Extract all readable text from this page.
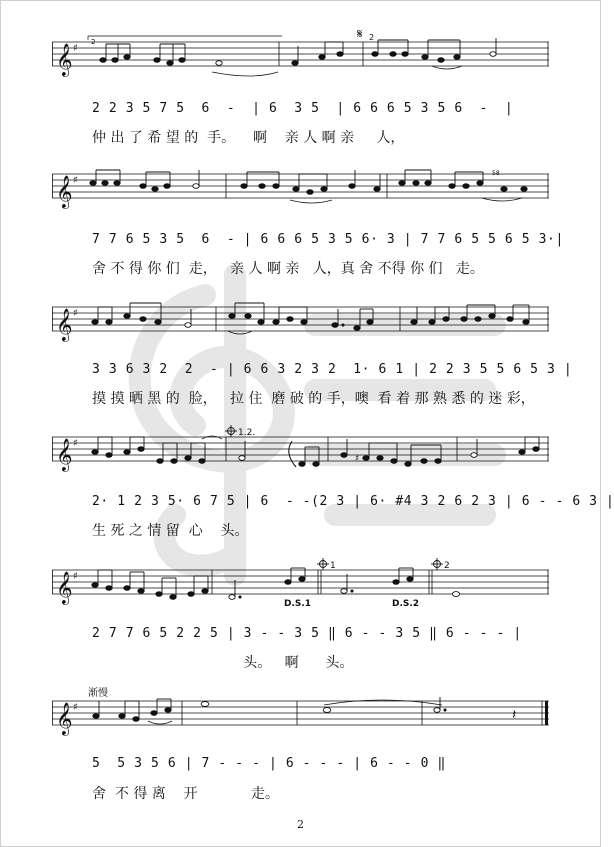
𝄞 ♯
2	𝄋 2
2 2 3 5 7 5  6  -  | 6  3 5  | 6 6 6 5 3 5 6  -  |
仲 出 了 希 望 的  手。    啊    亲 人 啊 亲     人，
𝄞 ♯
58
7 7 6 5 3 5  6  - | 6 6 6 5 3 5 6· 3 | 7 7 6 5 5 6 5 3·|
舍 不 得 你 们  走，   亲 人 啊 亲   人，真 舍 不得 你 们   走。
𝄞 ♯
3 3 6 3 2  2  - | 6 6 3 2 3 2  1· 6 1 | 2 2 3 5 5 6 5 3 |
摸 摸 晒 黑 的  脸，   拉 住  磨 破 的 手，噢  看 着 那 熟 悉 的 迷 彩，
𝄞 ♯
♯
1.2.
2· 1 2 3 5· 6 7 5 | 6  - -(2 3 | 6· #4 3 2 6 2 3 | 6 - - 6 3 |
生 死 之 情 留  心    头。
𝄞 ♯
D.S.1	D.S.2
1	2
2 7 7 6 5 2 2 5 | 3 - - 3 5 ‖ 6 - - 3 5 ‖ 6 - - - |
头。   啊      头。
渐慢
𝄞 ♯	𝄽
5  5 3 5 6 | 7 - - - | 6 - - - | 6 - - 0 ‖
舍  不 得 离    开            走。
2
